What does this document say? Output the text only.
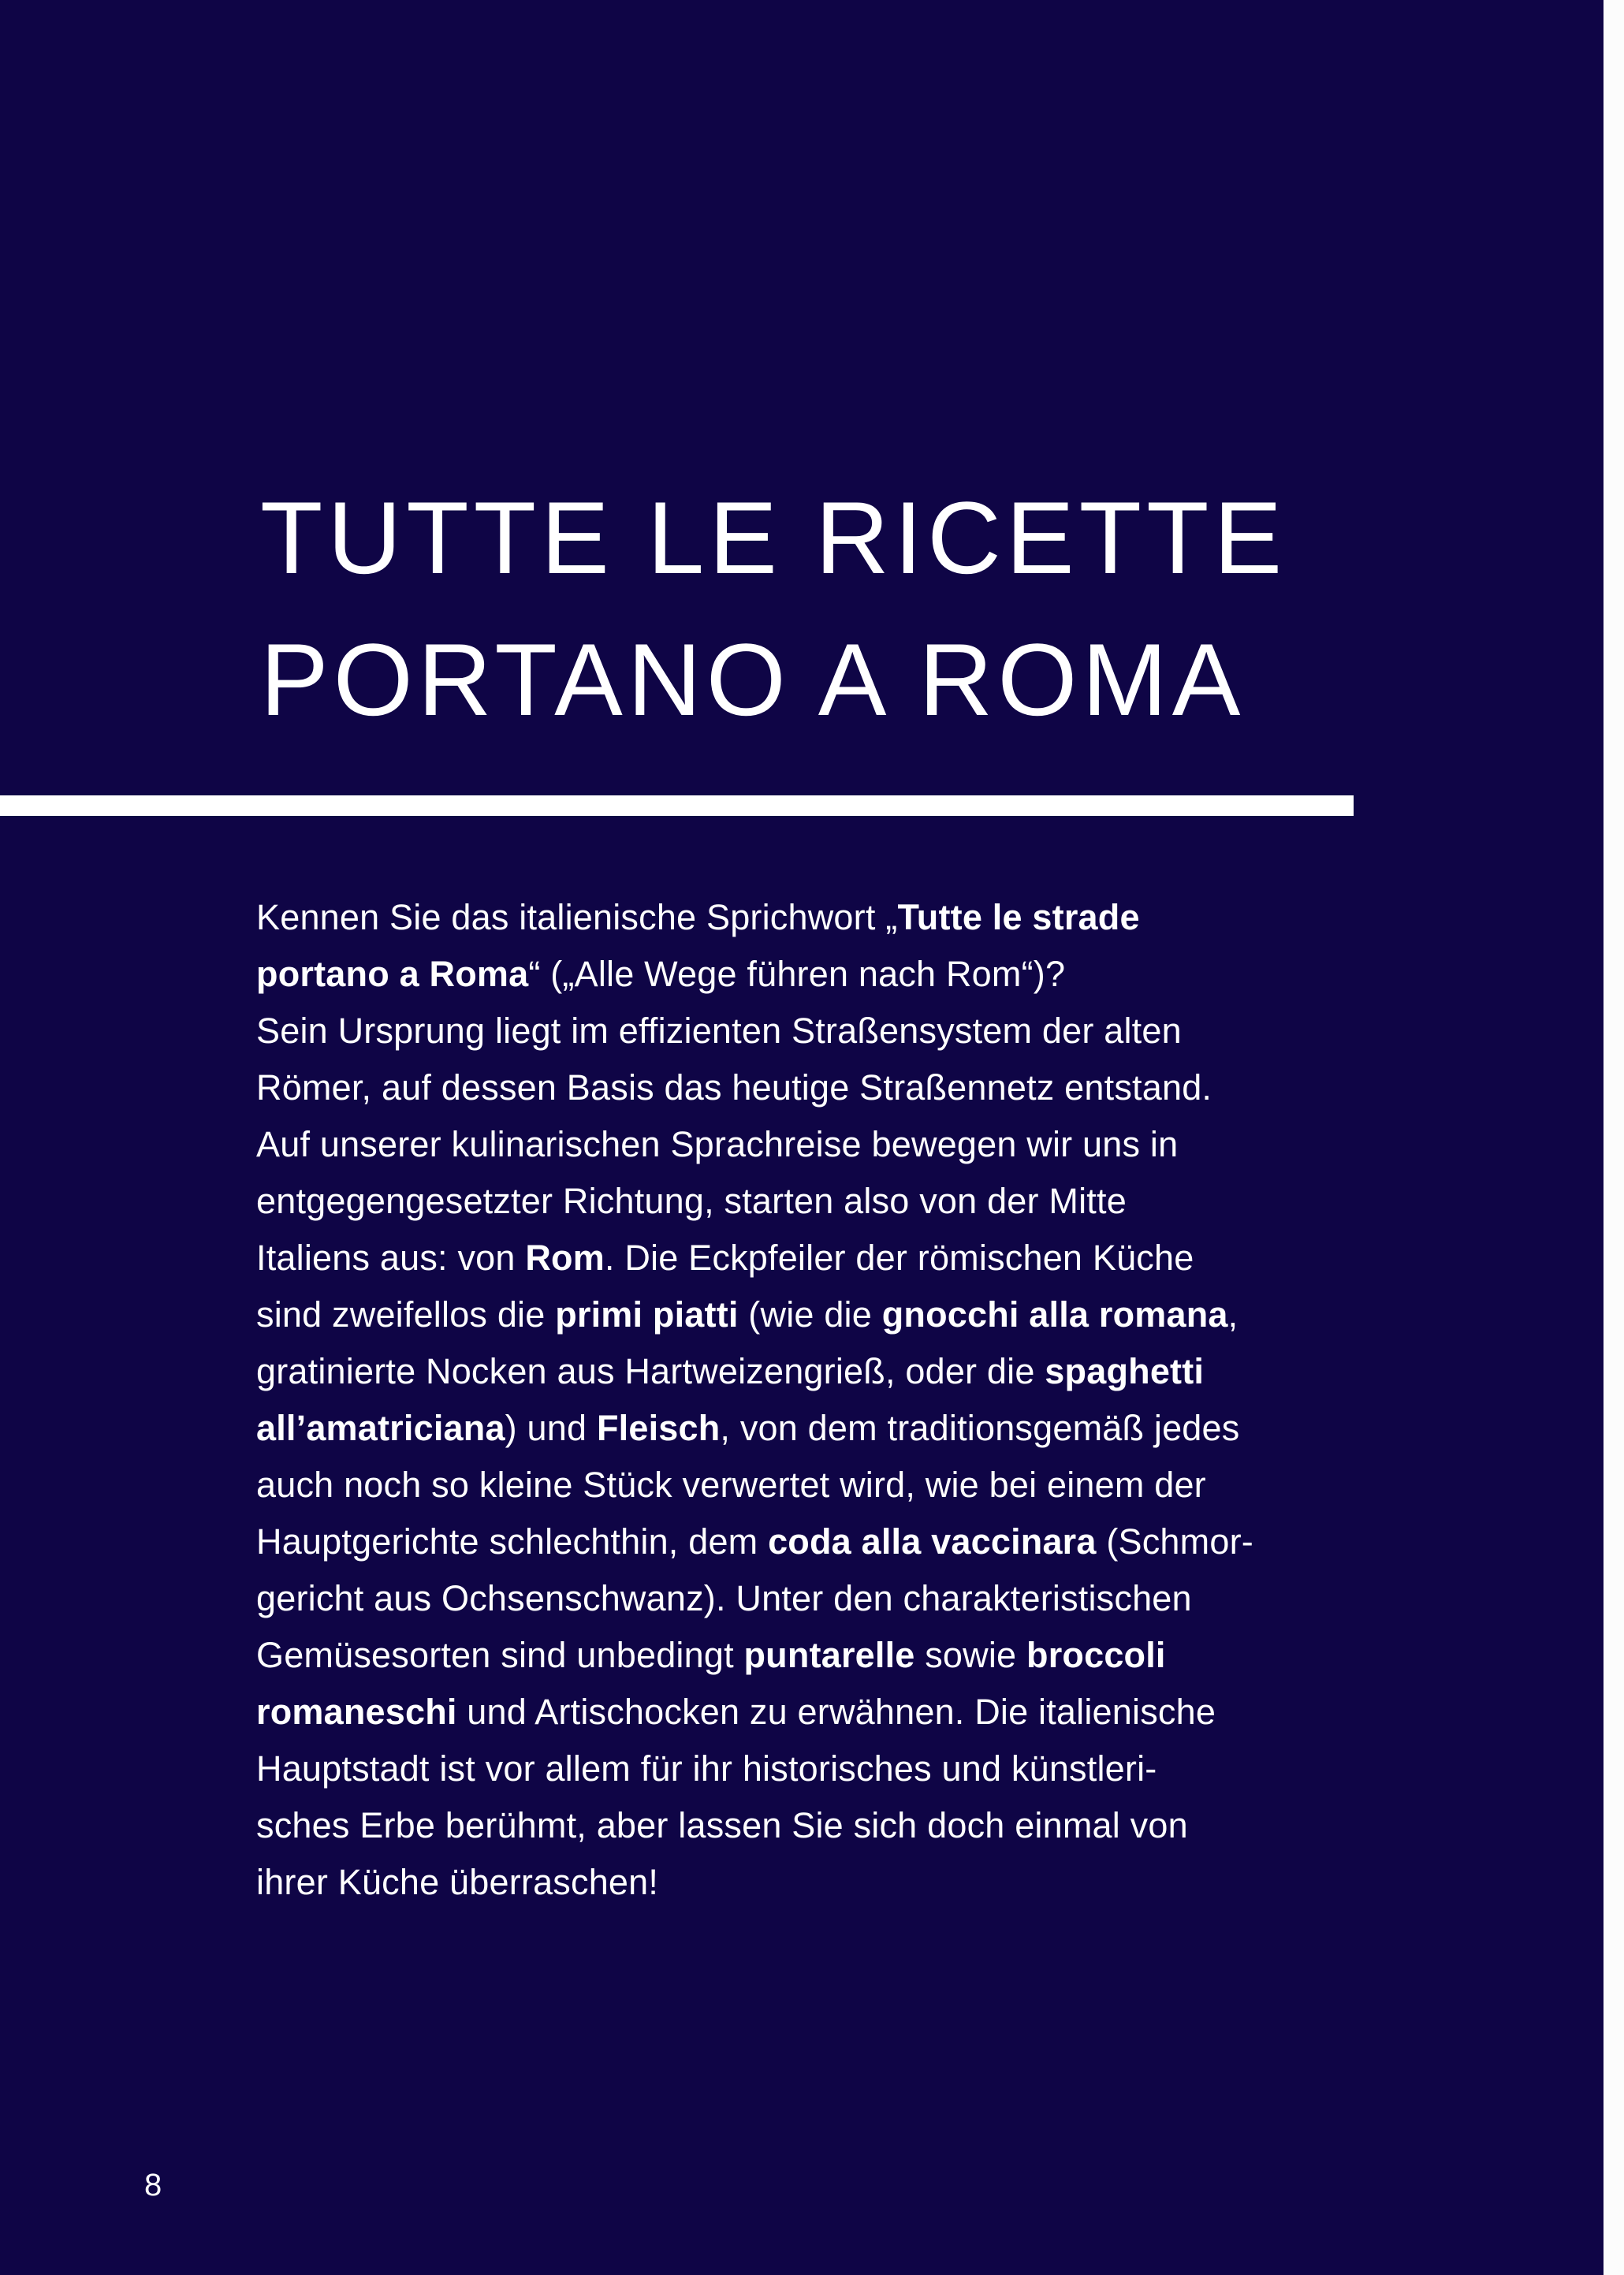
TUTTE LE RICETTE
PORTANO A ROMA
Kennen Sie das italienische Sprichwort „Tutte le strade
portano a Roma“ („Alle Wege führen nach Rom“)?
Sein Ursprung liegt im effizienten Straßensystem der alten
Römer, auf dessen Basis das heutige Straßennetz entstand.
Auf unserer kulinarischen Sprachreise bewegen wir uns in
entgegengesetzter Richtung, starten also von der Mitte
Italiens aus: von Rom. Die Eckpfeiler der römischen Küche
sind zweifellos die primi piatti (wie die gnocchi alla romana,
gratinierte Nocken aus Hartweizengrieß, oder die spaghetti
all’amatriciana) und Fleisch, von dem traditionsgemäß jedes
auch noch so kleine Stück verwertet wird, wie bei einem der
Hauptgerichte schlechthin, dem coda alla vaccinara (Schmor-
gericht aus Ochsenschwanz). Unter den charakteristischen
Gemüsesorten sind unbedingt puntarelle sowie broccoli
romaneschi und Artischocken zu erwähnen. Die italienische
Hauptstadt ist vor allem für ihr historisches und künstleri-
sches Erbe berühmt, aber lassen Sie sich doch einmal von
ihrer Küche überraschen!
8
